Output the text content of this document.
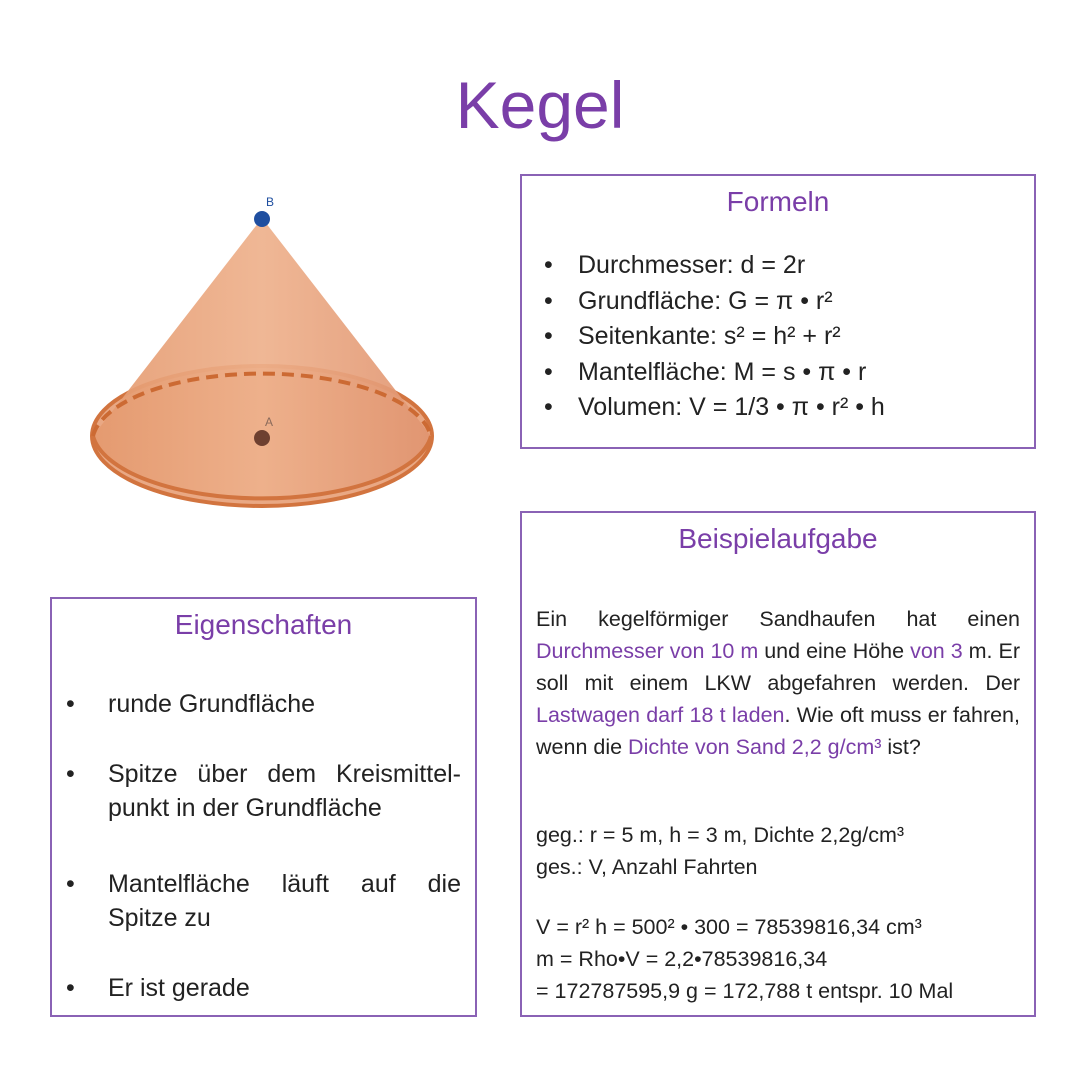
Kegel
B
A
Formeln
• Durchmesser: d = 2r
• Grundfläche: G = π • r²
• Seitenkante: s² = h² + r²
• Mantelfläche: M = s • π • r
• Volumen: V = 1/3 • π • r² • h
Eigenschaften
• runde Grundfläche
• Spitze über dem Kreismittel-
punkt in der Grundfläche
• Mantelfläche läuft auf die Spitze zu
• Er ist gerade
Beispielaufgabe
Ein kegelförmiger Sandhaufen hat einen Durchmesser von 10 m und eine Höhe von 3 m. Er soll mit einem LKW abgefahren werden. Der Lastwagen darf 18 t laden. Wie oft muss er fahren, wenn die Dichte von Sand 2,2 g/cm³ ist?
geg.: r = 5 m, h = 3 m, Dichte 2,2g/cm³
ges.: V, Anzahl Fahrten
V = r² h = 500² • 300 = 78539816,34 cm³
m = Rho•V = 2,2•78539816,34
= 172787595,9 g = 172,788 t entspr. 10 Mal
